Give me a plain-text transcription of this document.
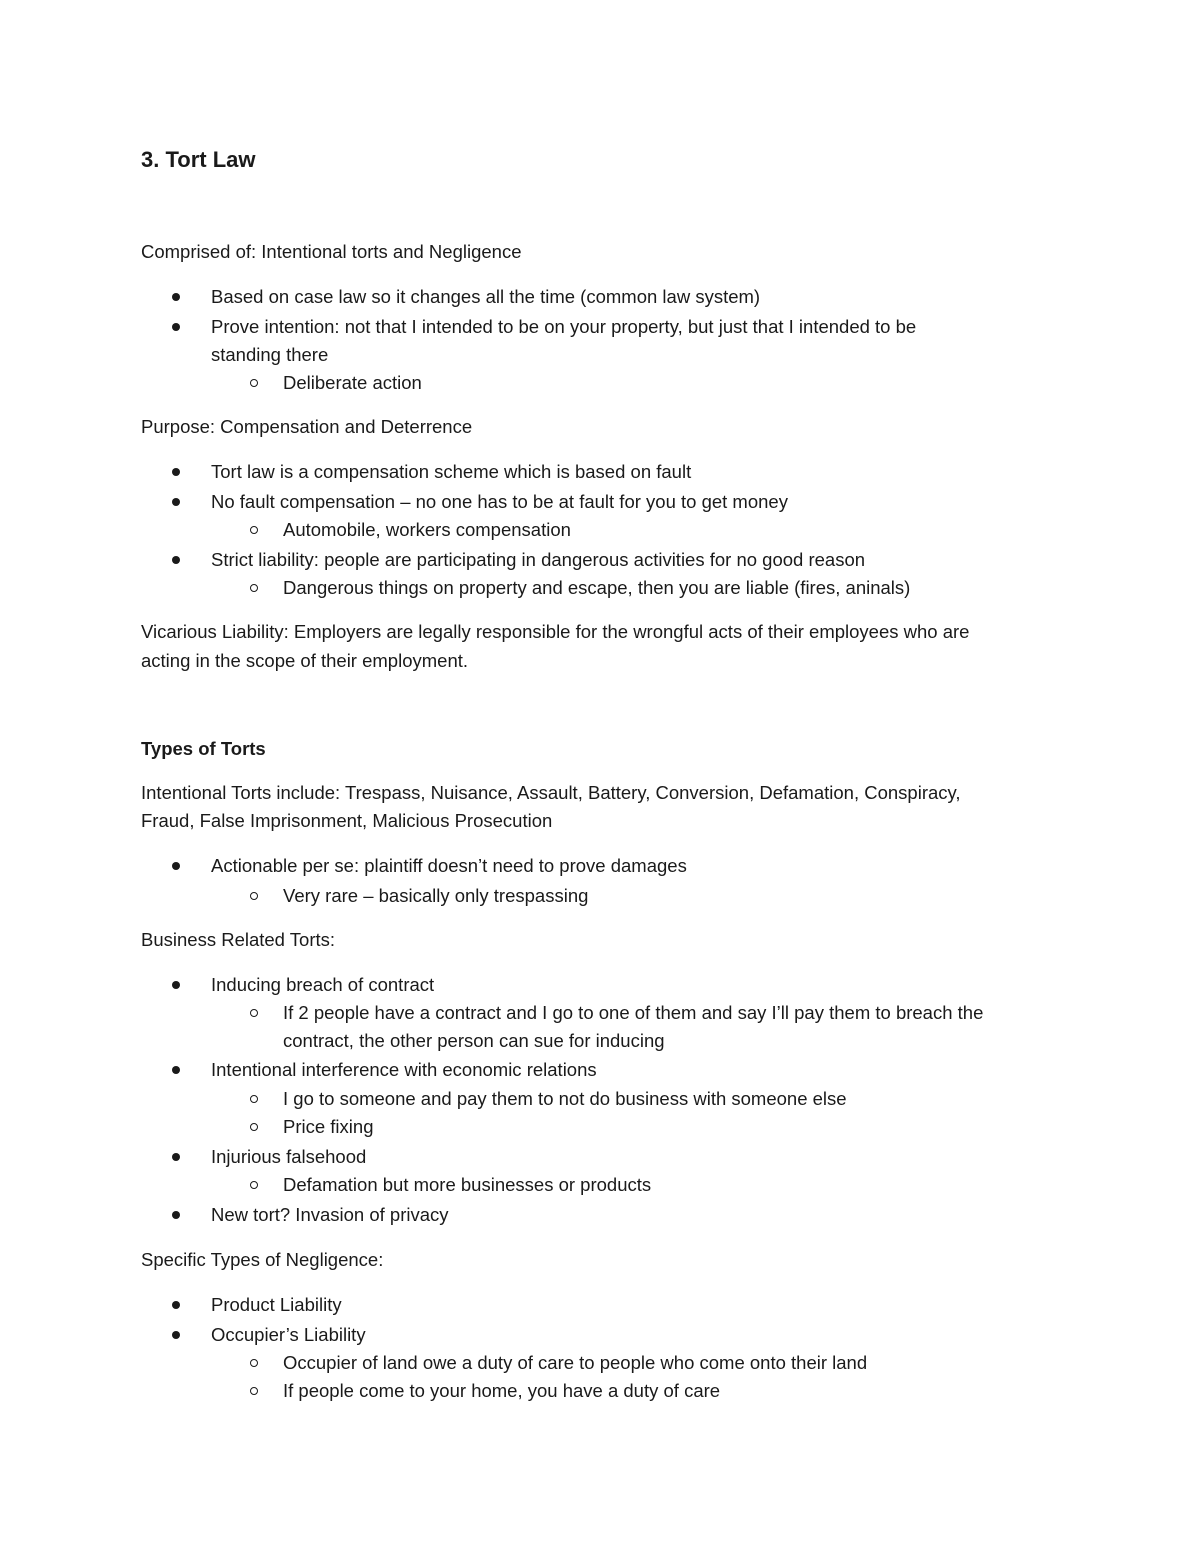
3. Tort Law

Comprised of: Intentional torts and Negligence

Based on case law so it changes all the time (common law system)

Prove intention: not that I intended to be on your property, but just that I intended to be

standing there

Deliberate action

Purpose: Compensation and Deterrence

Tort law is a compensation scheme which is based on fault

No fault compensation – no one has to be at fault for you to get money

Automobile, workers compensation

Strict liability: people are participating in dangerous activities for no good reason

Dangerous things on property and escape, then you are liable (fires, aninals)

Vicarious Liability: Employers are legally responsible for the wrongful acts of their employees who are

acting in the scope of their employment.

Types of Torts

Intentional Torts include: Trespass, Nuisance, Assault, Battery, Conversion, Defamation, Conspiracy,

Fraud, False Imprisonment, Malicious Prosecution

Actionable per se: plaintiff doesn’t need to prove damages

Very rare – basically only trespassing

Business Related Torts:

Inducing breach of contract

If 2 people have a contract and I go to one of them and say I’ll pay them to breach the

contract, the other person can sue for inducing

Intentional interference with economic relations

I go to someone and pay them to not do business with someone else

Price fixing

Injurious falsehood

Defamation but more businesses or products

New tort? Invasion of privacy

Specific Types of Negligence:

Product Liability

Occupier’s Liability

Occupier of land owe a duty of care to people who come onto their land

If people come to your home, you have a duty of care
